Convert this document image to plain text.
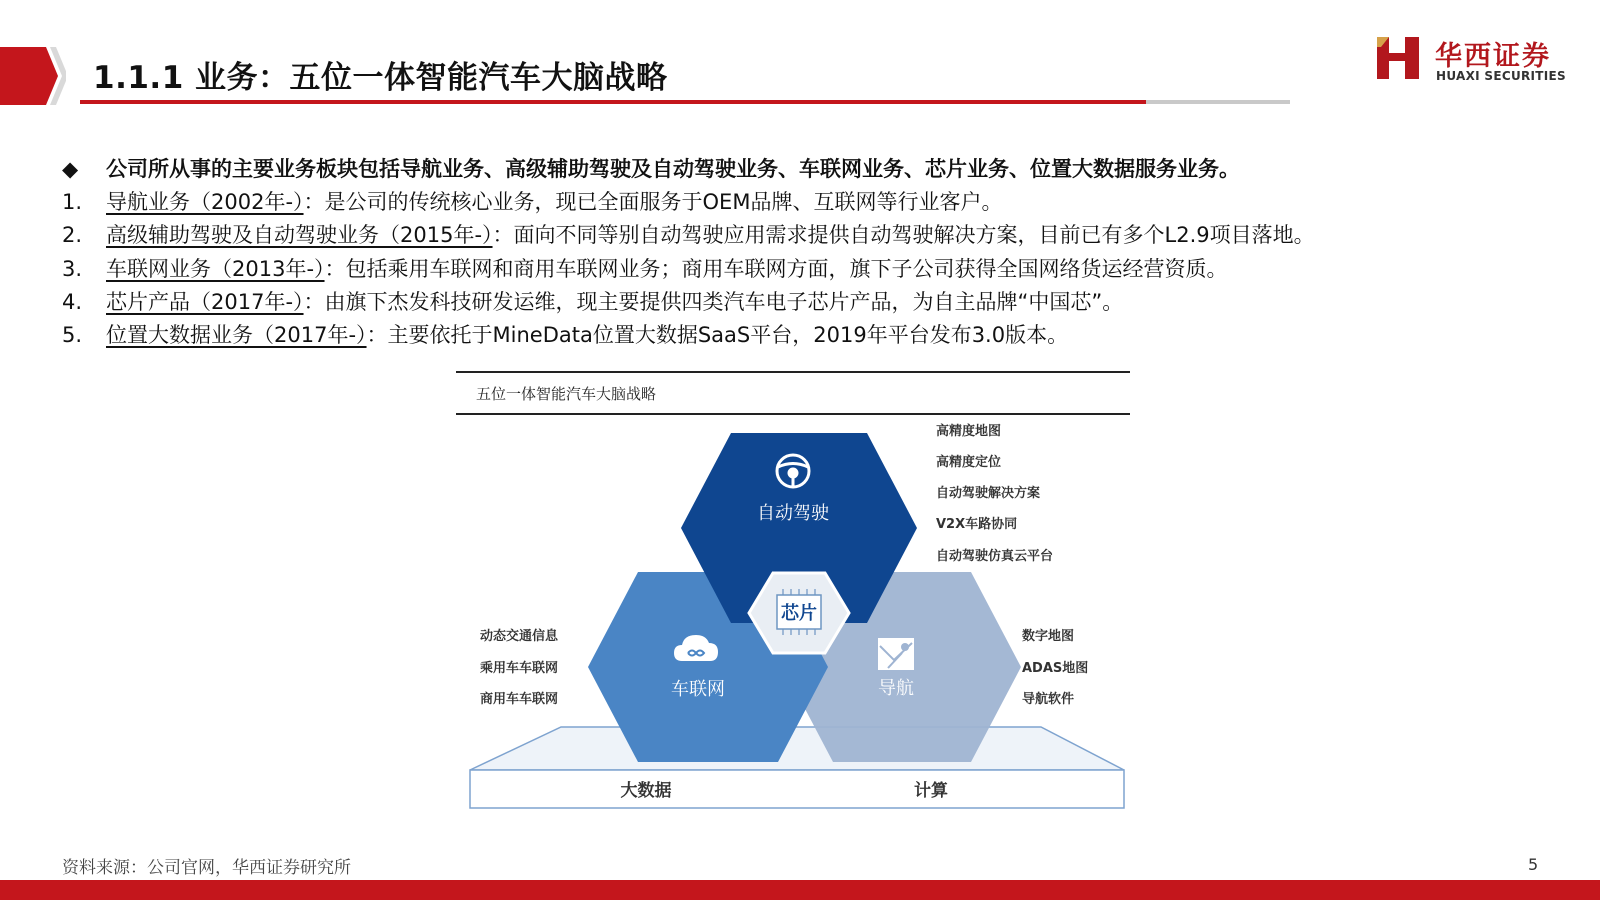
1.1.1 业务：五位一体智能汽车大脑战略
华西证券
HUAXI SECURITIES
◆ 公司所从事的主要业务板块包括导航业务、高级辅助驾驶及自动驾驶业务、车联网业务、芯片业务、位置大数据服务业务。
1. 导航业务（2002年-）：是公司的传统核心业务，现已全面服务于OEM品牌、互联网等行业客户。
2. 高级辅助驾驶及自动驾驶业务（2015年-）：面向不同等别自动驾驶应用需求提供自动驾驶解决方案，目前已有多个L2.9项目落地。
3. 车联网业务（2013年-）：包括乘用车联网和商用车联网业务；商用车联网方面，旗下子公司获得全国网络货运经营资质。
4. 芯片产品（2017年-）：由旗下杰发科技研发运维，现主要提供四类汽车电子芯片产品，为自主品牌“中国芯”。
5. 位置大数据业务（2017年-）：主要依托于MineData位置大数据SaaS平台，2019年平台发布3.0版本。
五位一体智能汽车大脑战略
大数据	计算
芯片
自动驾驶
车联网	导航
高精度地图
高精度定位
自动驾驶解决方案
V2X车路协同
自动驾驶仿真云平台
动态交通信息
乘用车车联网
商用车车联网
数字地图
ADAS地图
导航软件
资料来源：公司官网，华西证券研究所	5
